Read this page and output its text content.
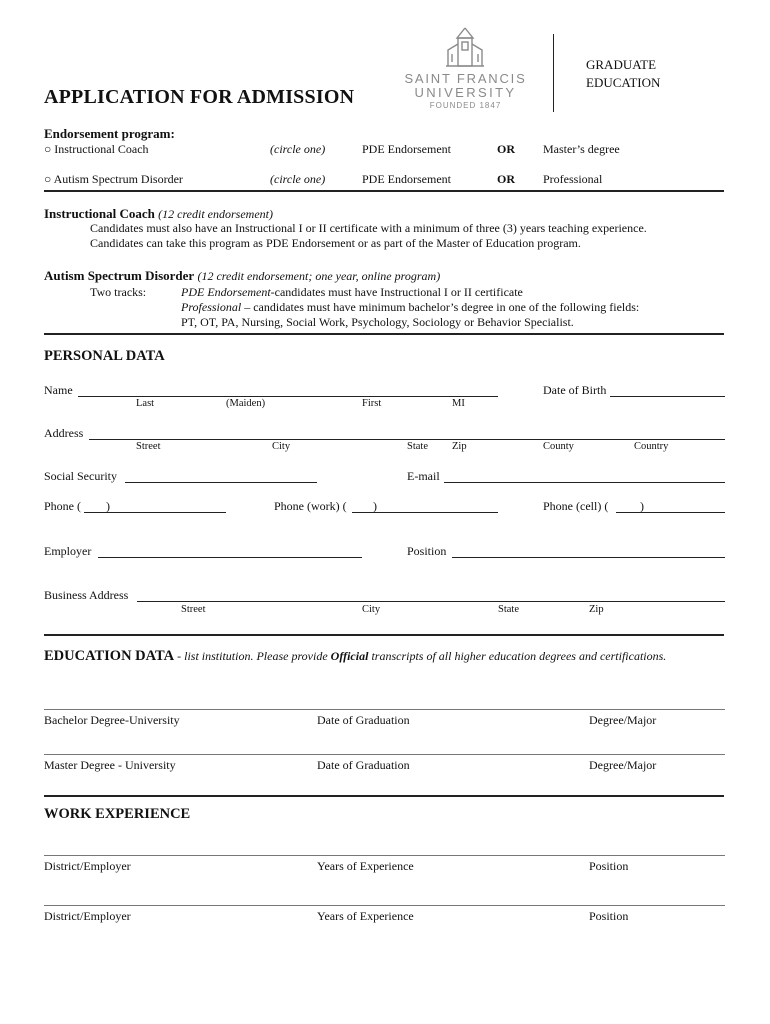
APPLICATION FOR ADMISSION
SAINT FRANCIS
UNIVERSITY
FOUNDED 1847
GRADUATE
EDUCATION
Endorsement program:
○ Instructional Coach	(circle one)	PDE Endorsement	OR Master’s degree
○ Autism Spectrum Disorder	(circle one)	PDE Endorsement	OR Professional
Instructional Coach (12 credit endorsement)
Candidates must also have an Instructional I or II certificate with a minimum of three (3) years teaching experience.
Candidates can take this program as PDE Endorsement or as part of the Master of Education program.
Autism Spectrum Disorder (12 credit endorsement; one year, online program)
Two tracks:	PDE Endorsement-candidates must have Instructional I or II certificate
Professional – candidates must have minimum bachelor’s degree in one of the following fields:
PT, OT, PA, Nursing, Social Work, Psychology, Sociology or Behavior Specialist.
PERSONAL DATA
Name
Last	(Maiden)	First	MI
Date of Birth
Address
Street	City	State Zip	County	Country
Social Security	E-mail
Phone ( )	Phone (work) ( )	Phone (cell) (	)
Employer	Position
Business Address
Street	City	State	Zip
EDUCATION DATA - list institution. Please provide Official transcripts of all higher education degrees and certifications.
Bachelor Degree-University	Date of Graduation	Degree/Major
Master Degree - University	Date of Graduation	Degree/Major
WORK EXPERIENCE
District/Employer	Years of Experience	Position
District/Employer	Years of Experience	Position
